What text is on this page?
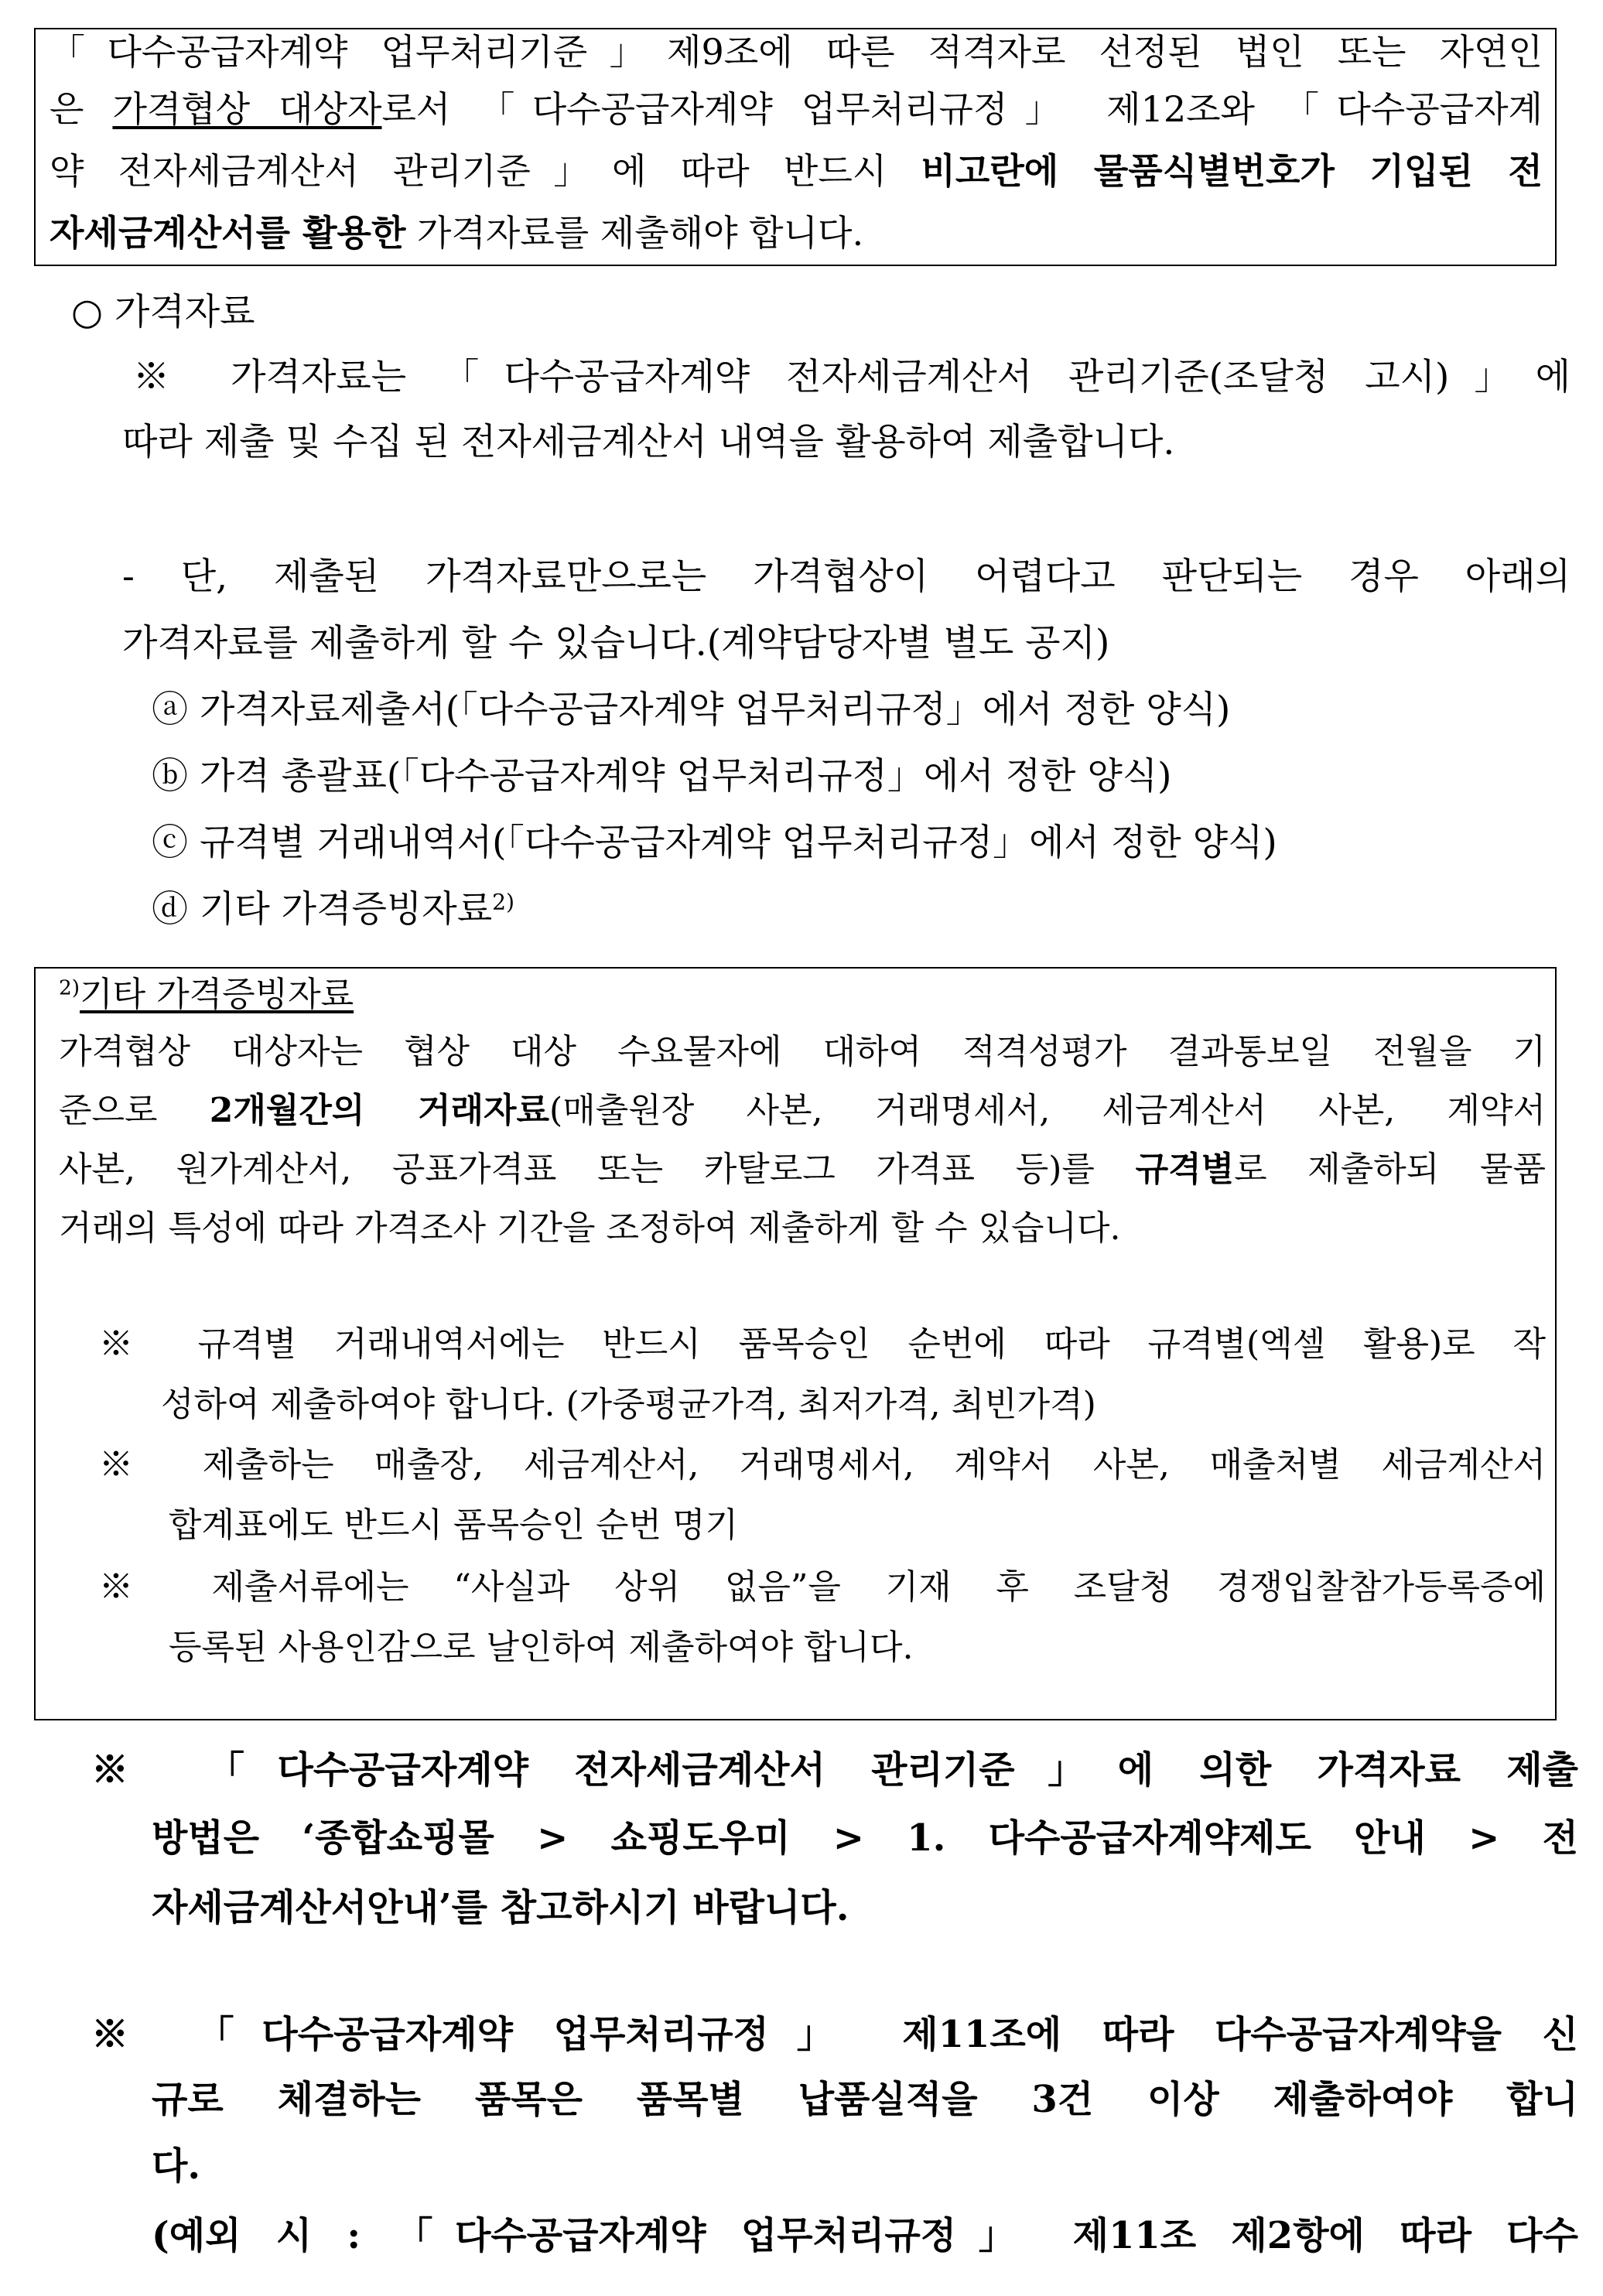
「다수공급자계약 업무처리기준」제9조에 따른 적격자로 선정된 법인 또는 자연인
은 가격협상 대상자로서 「다수공급자계약 업무처리규정」 제12조와 「다수공급자계
약 전자세금계산서 관리기준」에 따라 반드시 비고란에 물품식별번호가 기입된 전
자세금계산서를 활용한 가격자료를 제출해야 합니다.
○ 가격자료
※ 가격자료는 「다수공급자계약 전자세금계산서 관리기준(조달청 고시)」에
따라 제출 및 수집 된 전자세금계산서 내역을 활용하여 제출합니다.
- 단, 제출된 가격자료만으로는 가격협상이 어렵다고 판단되는 경우 아래의
가격자료를 제출하게 할 수 있습니다.(계약담당자별 별도 공지)
ⓐ 가격자료제출서(「다수공급자계약 업무처리규정」에서 정한 양식)
ⓑ 가격 총괄표(「다수공급자계약 업무처리규정」에서 정한 양식)
ⓒ 규격별 거래내역서(「다수공급자계약 업무처리규정」에서 정한 양식)
ⓓ 기타 가격증빙자료$^{2)}$
$^{2)}$기타 가격증빙자료
가격협상 대상자는 협상 대상 수요물자에 대하여 적격성평가 결과통보일 전월을 기
준으로 2개월간의 거래자료(매출원장 사본, 거래명세서, 세금계산서 사본, 계약서
사본, 원가계산서, 공표가격표 또는 카탈로그 가격표 등)를 규격별로 제출하되 물품
거래의 특성에 따라 가격조사 기간을 조정하여 제출하게 할 수 있습니다.
※ 규격별 거래내역서에는 반드시 품목승인 순번에 따라 규격별(엑셀 활용)로 작
성하여 제출하여야 합니다. (가중평균가격, 최저가격, 최빈가격)
※ 제출하는 매출장, 세금계산서, 거래명세서, 계약서 사본, 매출처별 세금계산서
합계표에도 반드시 품목승인 순번 명기
※ 제출서류에는 “사실과 상위 없음”을 기재 후 조달청 경쟁입찰참가등록증에
등록된 사용인감으로 날인하여 제출하여야 합니다.
※ 「다수공급자계약 전자세금계산서 관리기준」에 의한 가격자료 제출
방법은 ‘종합쇼핑몰 > 쇼핑도우미 > 1. 다수공급자계약제도 안내 > 전
자세금계산서안내’를 참고하시기 바랍니다.
※ 「다수공급자계약 업무처리규정」 제11조에 따라 다수공급자계약을 신
규로 체결하는 품목은 품목별 납품실적을 3건 이상 제출하여야 합니
다.
(예외 시 : 「다수공급자계약 업무처리규정」 제11조 제2항에 따라 다수
